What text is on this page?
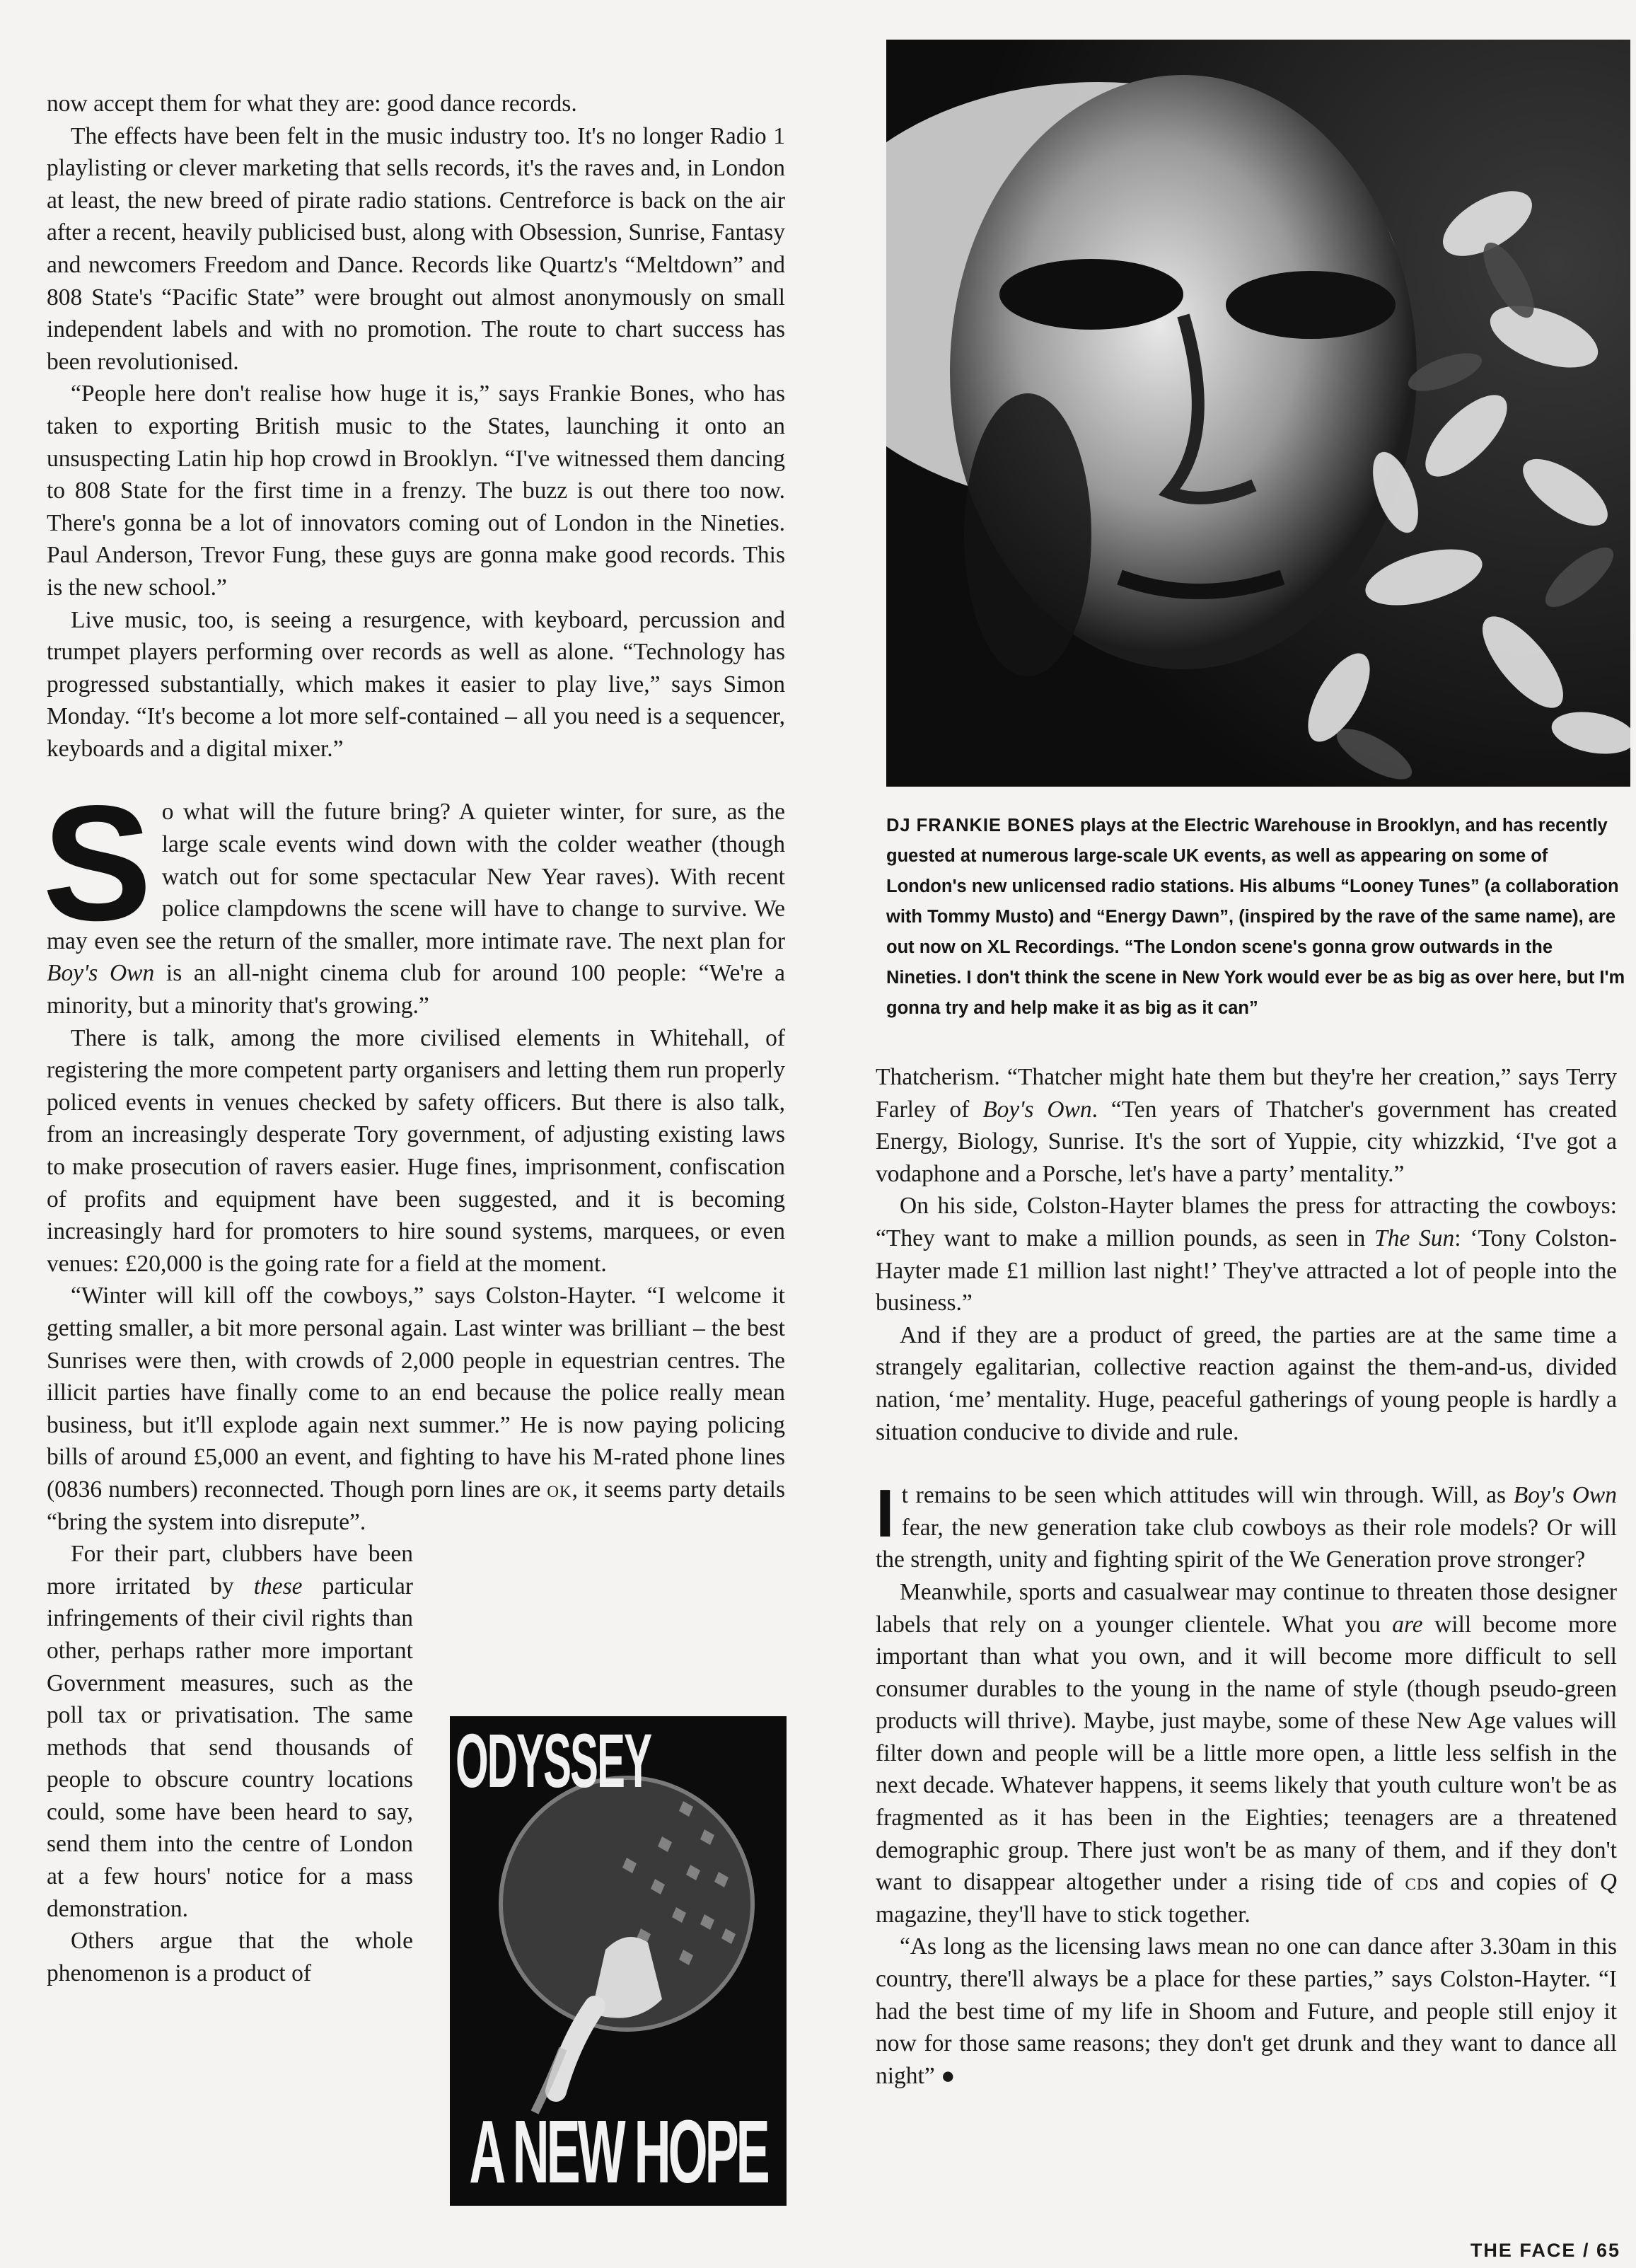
now accept them for what they are: good dance records.

The effects have been felt in the music industry too. It's no longer Radio 1 playlisting or clever marketing that sells records, it's the raves and, in London at least, the new breed of pirate radio stations. Centreforce is back on the air after a recent, heavily publicised bust, along with Obsession, Sunrise, Fantasy and newcomers Freedom and Dance. Records like Quartz's “Meltdown” and 808 State's “Pacific State” were brought out almost anonymously on small independent labels and with no promotion. The route to chart success has been revolutionised.

“People here don't realise how huge it is,” says Frankie Bones, who has taken to exporting British music to the States, launching it onto an unsuspecting Latin hip hop crowd in Brooklyn. “I've witnessed them dancing to 808 State for the first time in a frenzy. The buzz is out there too now. There's gonna be a lot of innovators coming out of London in the Nineties. Paul Anderson, Trevor Fung, these guys are gonna make good records. This is the new school.”

Live music, too, is seeing a resurgence, with keyboard, percussion and trumpet players performing over records as well as alone. “Technology has progressed substantially, which makes it easier to play live,” says Simon Monday. “It's become a lot more self-contained – all you need is a sequencer, keyboards and a digital mixer.”

So what will the future bring? A quieter winter, for sure, as the large scale events wind down with the colder weather (though watch out for some spectacular New Year raves). With recent police clampdowns the scene will have to change to survive. We may even see the return of the smaller, more intimate rave. The next plan for Boy's Own is an all-night cinema club for around 100 people: “We're a minority, but a minority that's growing.”

There is talk, among the more civilised elements in Whitehall, of registering the more competent party organisers and letting them run properly policed events in venues checked by safety officers. But there is also talk, from an increasingly desperate Tory government, of adjusting existing laws to make prosecution of ravers easier. Huge fines, imprisonment, confiscation of profits and equipment have been suggested, and it is becoming increasingly hard for promoters to hire sound systems, marquees, or even venues: £20,000 is the going rate for a field at the moment.

“Winter will kill off the cowboys,” says Colston-Hayter. “I welcome it getting smaller, a bit more personal again. Last winter was brilliant – the best Sunrises were then, with crowds of 2,000 people in equestrian centres. The illicit parties have finally come to an end because the police really mean business, but it'll explode again next summer.” He is now paying policing bills of around £5,000 an event, and fighting to have his M-rated phone lines (0836 numbers) reconnected. Though porn lines are ok, it seems party details “bring the system into disrepute”.

For their part, clubbers have been more irritated by these particular infringements of their civil rights than other, perhaps rather more important Government measures, such as the poll tax or privatisation. The same methods that send thousands of people to obscure country locations could, some have been heard to say, send them into the centre of London at a few hours' notice for a mass demonstration.

Others argue that the whole phenomenon is a product of

DJ FRANKIE BONES plays at the Electric Warehouse in Brooklyn, and has recently guested at numerous large-scale UK events, as well as appearing on some of London's new unlicensed radio stations. His albums “Looney Tunes” (a collaboration with Tommy Musto) and “Energy Dawn”, (inspired by the rave of the same name), are out now on XL Recordings. “The London scene's gonna grow outwards in the Nineties. I don't think the scene in New York would ever be as big as over here, but I'm gonna try and help make it as big as it can”
ODYSSEY
A NEW HOPE

Thatcherism. “Thatcher might hate them but they're her creation,” says Terry Farley of Boy's Own. “Ten years of Thatcher's government has created Energy, Biology, Sunrise. It's the sort of Yuppie, city whizzkid, ‘I've got a vodaphone and a Porsche, let's have a party’ mentality.”

On his side, Colston-Hayter blames the press for attracting the cowboys: “They want to make a million pounds, as seen in The Sun: ‘Tony Colston-Hayter made £1 million last night!’ They've attracted a lot of people into the business.”

And if they are a product of greed, the parties are at the same time a strangely egalitarian, collective reaction against the them-and-us, divided nation, ‘me’ mentality. Huge, peaceful gatherings of young people is hardly a situation conducive to divide and rule.

It remains to be seen which attitudes will win through. Will, as Boy's Own fear, the new generation take club cowboys as their role models? Or will the strength, unity and fighting spirit of the We Generation prove stronger?

Meanwhile, sports and casualwear may continue to threaten those designer labels that rely on a younger clientele. What you are will become more important than what you own, and it will become more difficult to sell consumer durables to the young in the name of style (though pseudo-green products will thrive). Maybe, just maybe, some of these New Age values will filter down and people will be a little more open, a little less selfish in the next decade. Whatever happens, it seems likely that youth culture won't be as fragmented as it has been in the Eighties; teenagers are a threatened demographic group. There just won't be as many of them, and if they don't want to disappear altogether under a rising tide of cds and copies of Q magazine, they'll have to stick together.

“As long as the licensing laws mean no one can dance after 3.30am in this country, there'll always be a place for these parties,” says Colston-Hayter. “I had the best time of my life in Shoom and Future, and people still enjoy it now for those same reasons; they don't get drunk and they want to dance all night” ●

THE FACE / 65
